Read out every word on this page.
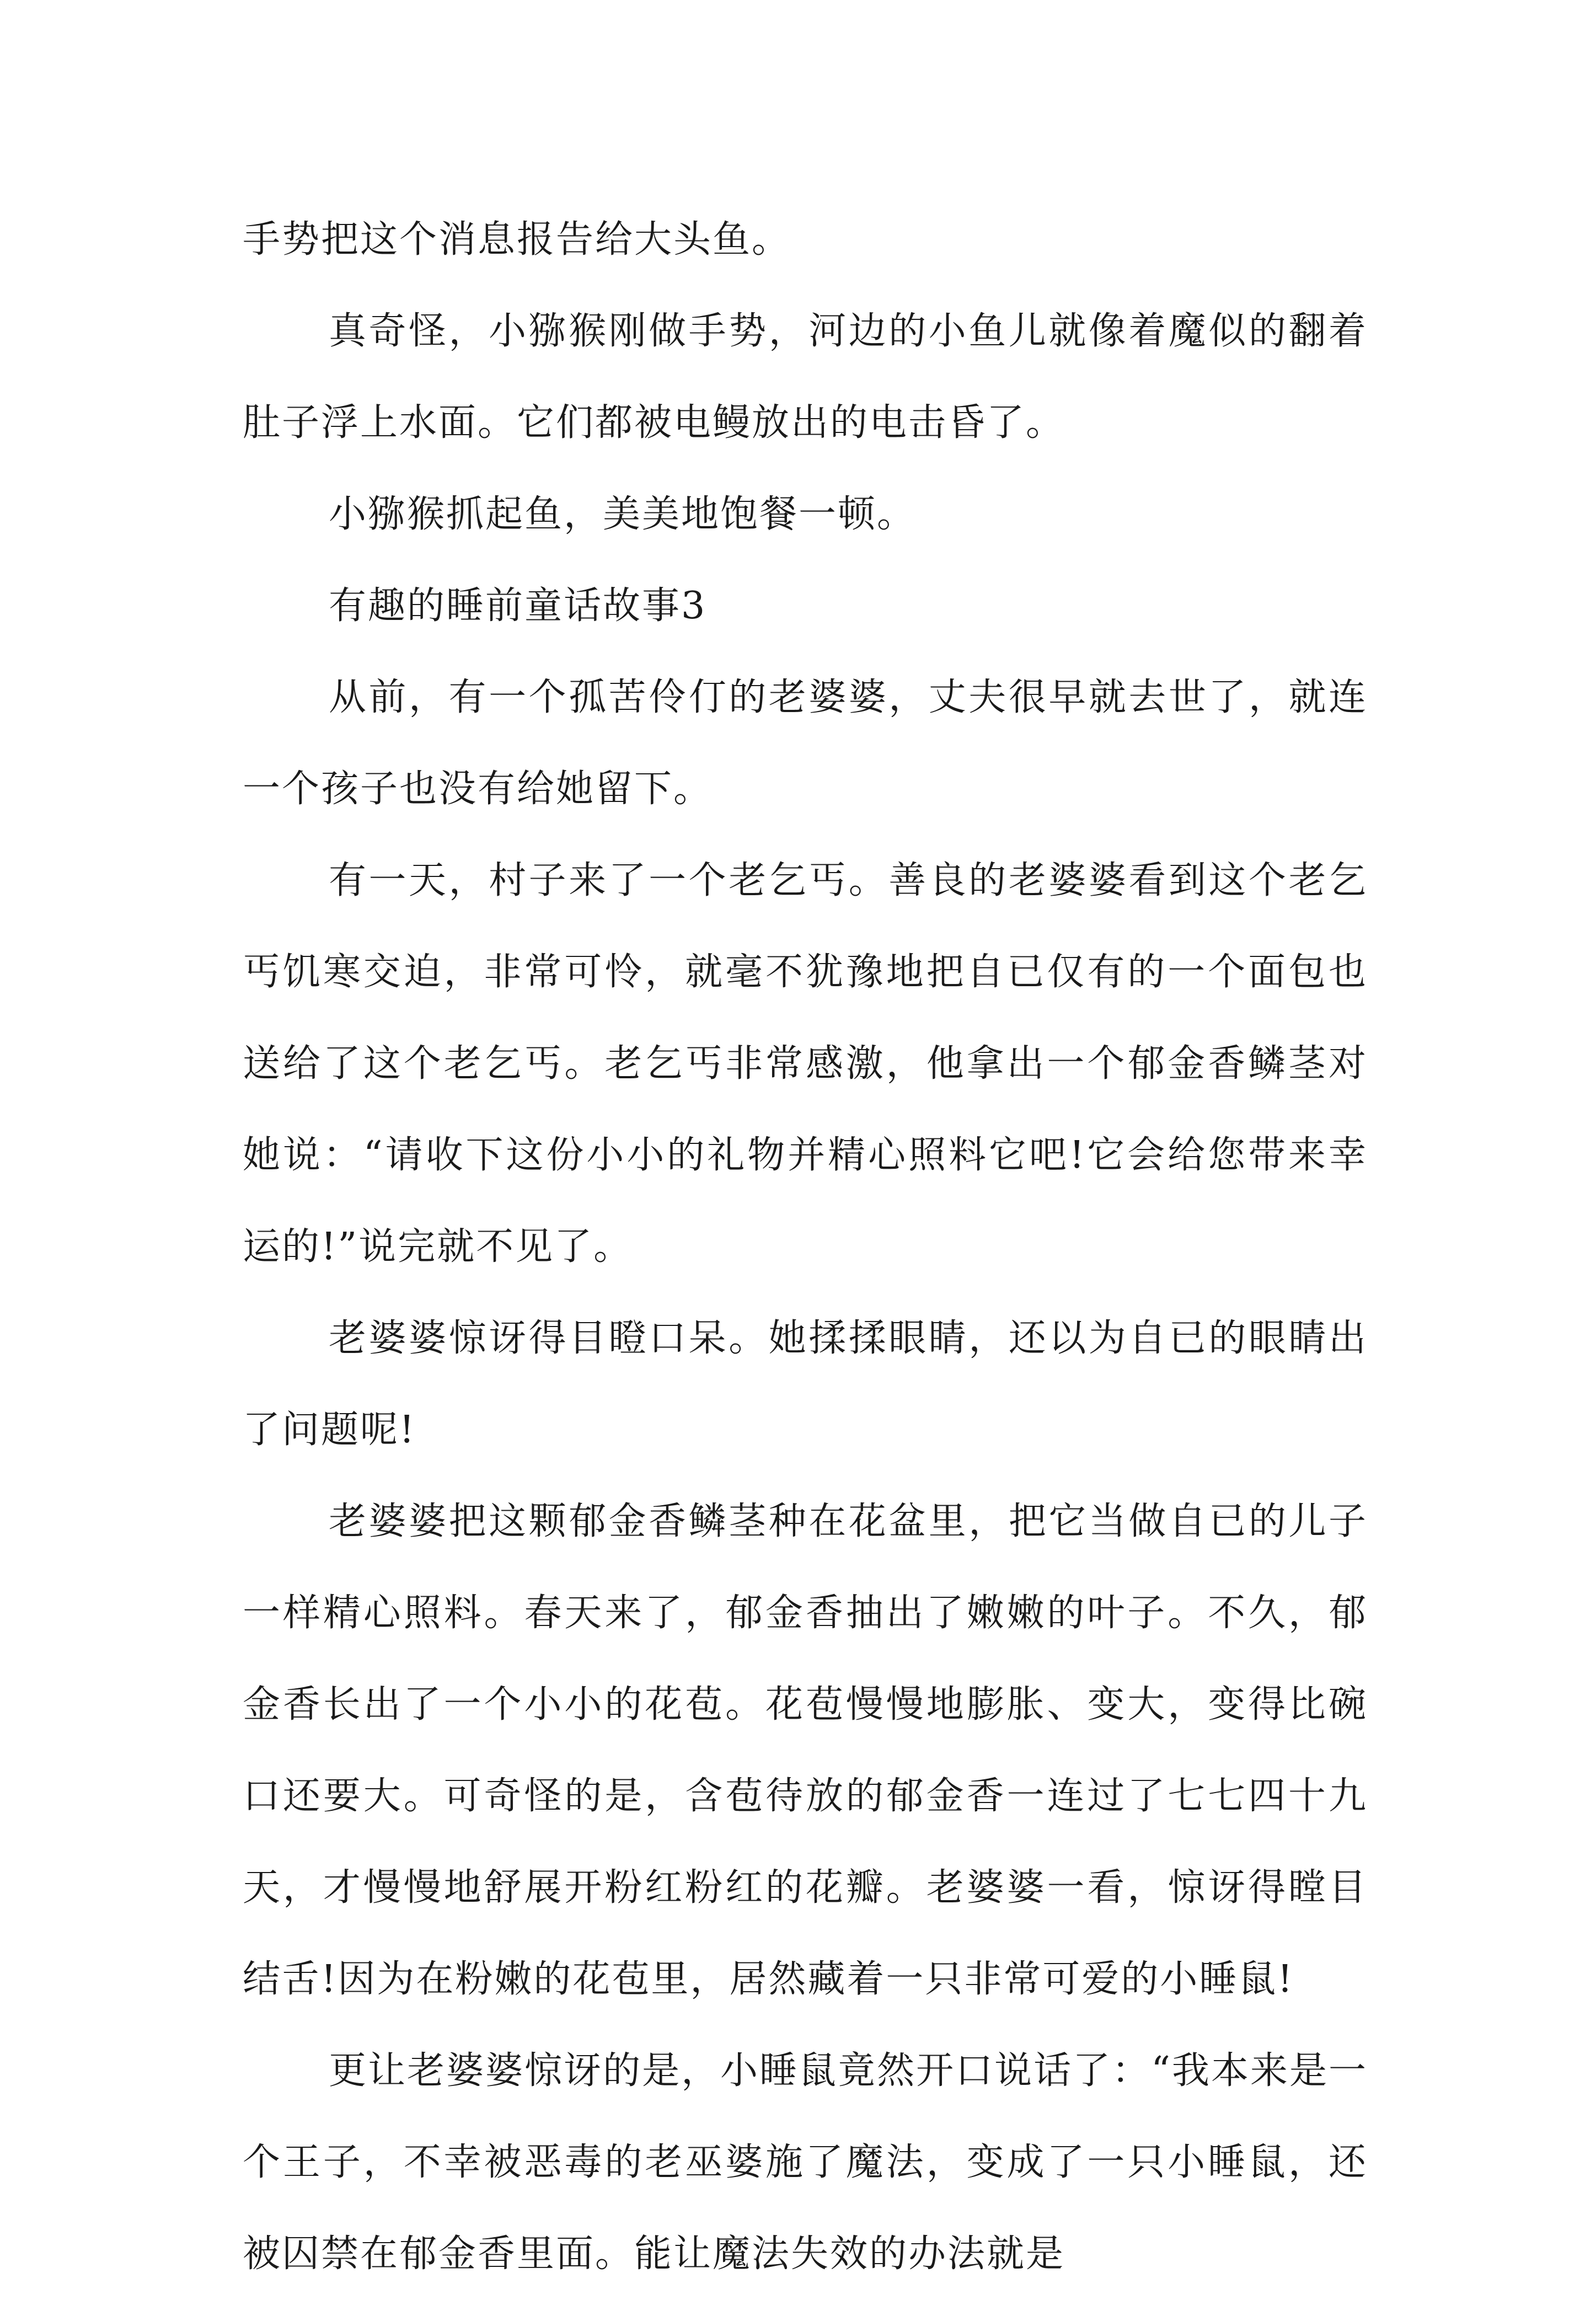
手势把这个消息报告给大头鱼。

真奇怪，小猕猴刚做手势，河边的小鱼儿就像着魔似的翻着肚子浮上水面。它们都被电鳗放出的电击昏了。

小猕猴抓起鱼，美美地饱餐一顿。

有趣的睡前童话故事3

从前，有一个孤苦伶仃的老婆婆，丈夫很早就去世了，就连一个孩子也没有给她留下。

有一天，村子来了一个老乞丐。善良的老婆婆看到这个老乞丐饥寒交迫，非常可怜，就毫不犹豫地把自已仅有的一个面包也送给了这个老乞丐。老乞丐非常感激，他拿出一个郁金香鳞茎对她说：“请收下这份小小的礼物并精心照料它吧!它会给您带来幸运的!”说完就不见了。

老婆婆惊讶得目瞪口呆。她揉揉眼睛，还以为自已的眼睛出了问题呢!

老婆婆把这颗郁金香鳞茎种在花盆里，把它当做自已的儿子一样精心照料。春天来了，郁金香抽出了嫩嫩的叶子。不久，郁金香长出了一个小小的花苞。花苞慢慢地膨胀、变大，变得比碗口还要大。可奇怪的是，含苞待放的郁金香一连过了七七四十九天，才慢慢地舒展开粉红粉红的花瓣。老婆婆一看，惊讶得瞠目结舌!因为在粉嫩的花苞里，居然藏着一只非常可爱的小睡鼠!

更让老婆婆惊讶的是，小睡鼠竟然开口说话了：“我本来是一个王子，不幸被恶毒的老巫婆施了魔法，变成了一只小睡鼠，还被囚禁在郁金香里面。能让魔法失效的办法就是
